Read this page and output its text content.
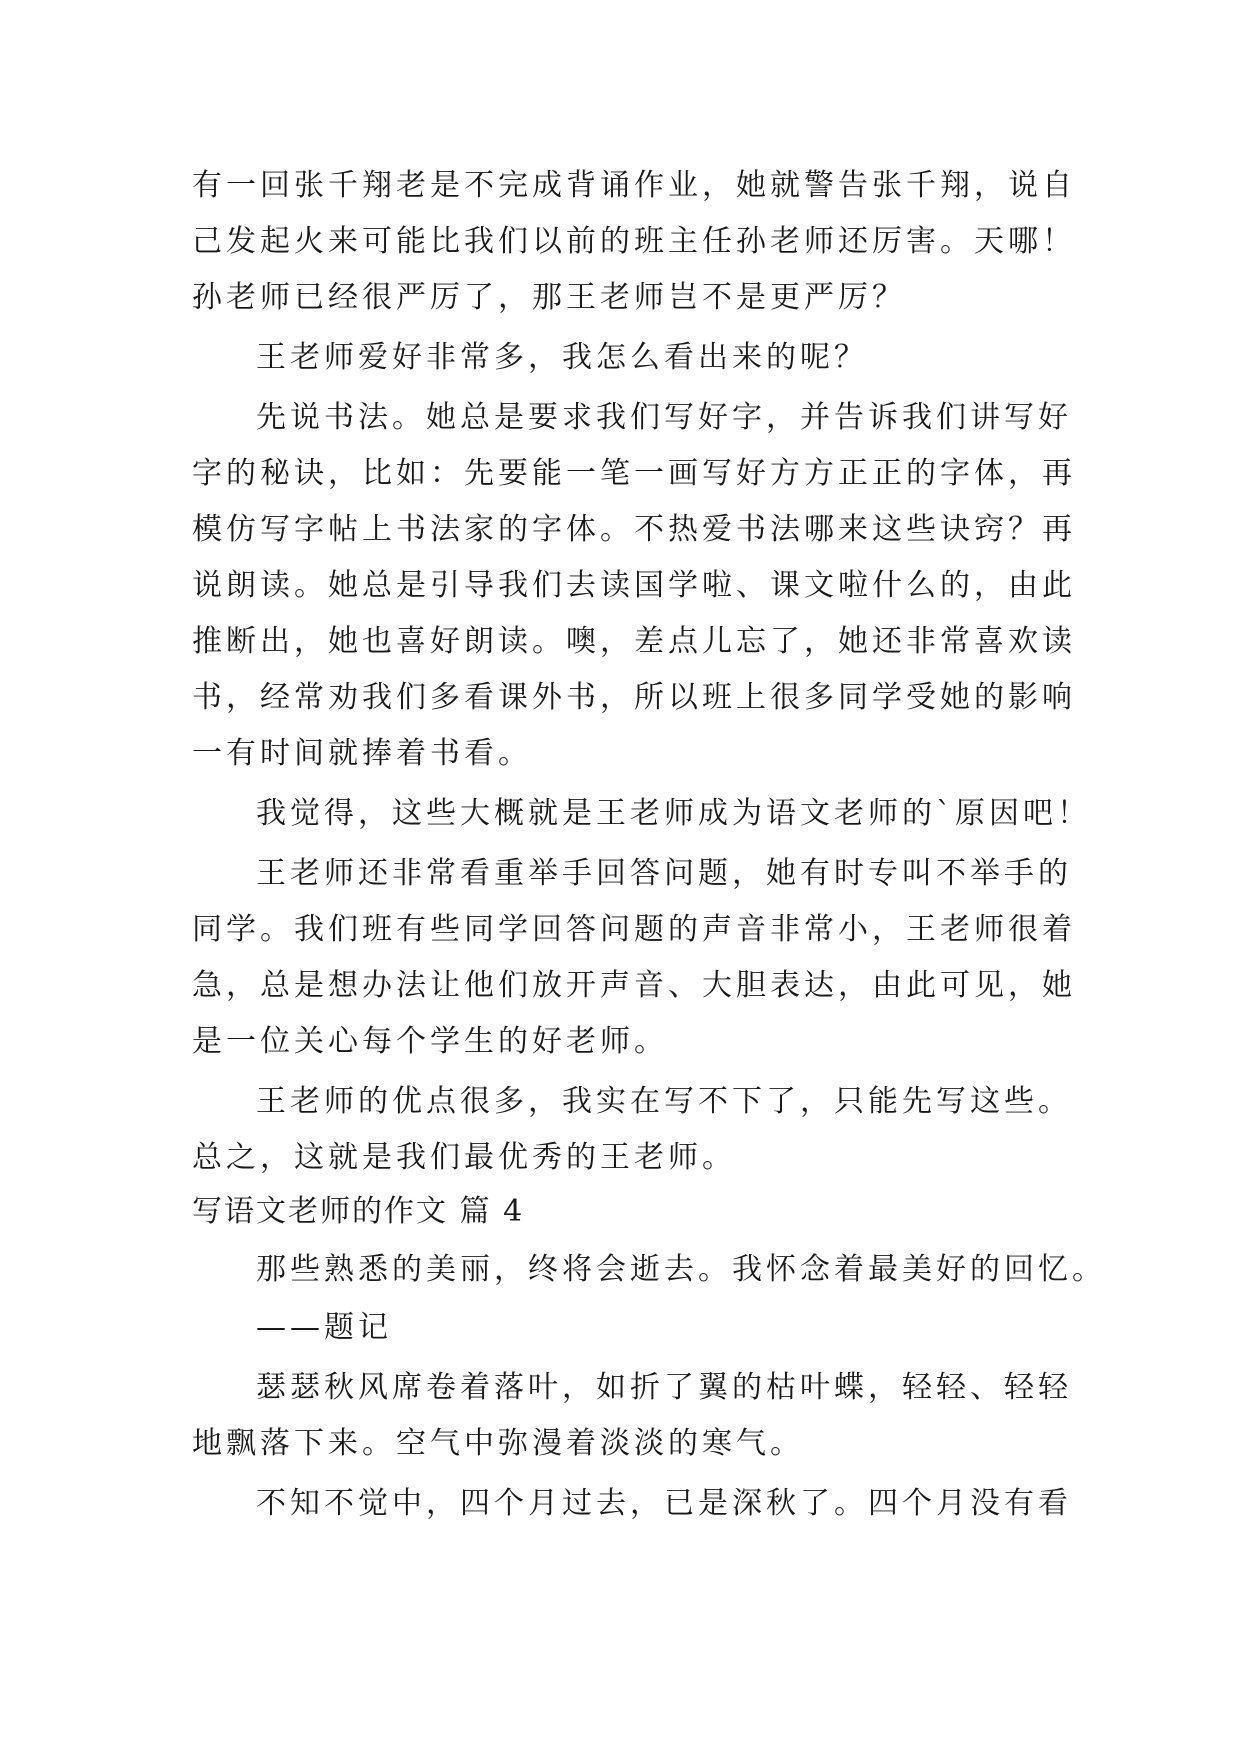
有一回张千翔老是不完成背诵作业，她就警告张千翔，说自
己发起火来可能比我们以前的班主任孙老师还厉害。天哪！
孙老师已经很严厉了，那王老师岂不是更严厉？
王老师爱好非常多，我怎么看出来的呢？
先说书法。她总是要求我们写好字，并告诉我们讲写好
字的秘诀，比如：先要能一笔一画写好方方正正的字体，再
模仿写字帖上书法家的字体。不热爱书法哪来这些诀窍？再
说朗读。她总是引导我们去读国学啦、课文啦什么的，由此
推断出，她也喜好朗读。噢，差点儿忘了，她还非常喜欢读
书，经常劝我们多看课外书，所以班上很多同学受她的影响
一有时间就捧着书看。
我觉得，这些大概就是王老师成为语文老师的`原因吧！
王老师还非常看重举手回答问题，她有时专叫不举手的
同学。我们班有些同学回答问题的声音非常小，王老师很着
急，总是想办法让他们放开声音、大胆表达，由此可见，她
是一位关心每个学生的好老师。
王老师的优点很多，我实在写不下了，只能先写这些。
总之，这就是我们最优秀的王老师。
写语文老师的作文 篇 4
那些熟悉的美丽，终将会逝去。我怀念着最美好的回忆。
——题记
瑟瑟秋风席卷着落叶，如折了翼的枯叶蝶，轻轻、轻轻
地飘落下来。空气中弥漫着淡淡的寒气。
不知不觉中，四个月过去，已是深秋了。四个月没有看
